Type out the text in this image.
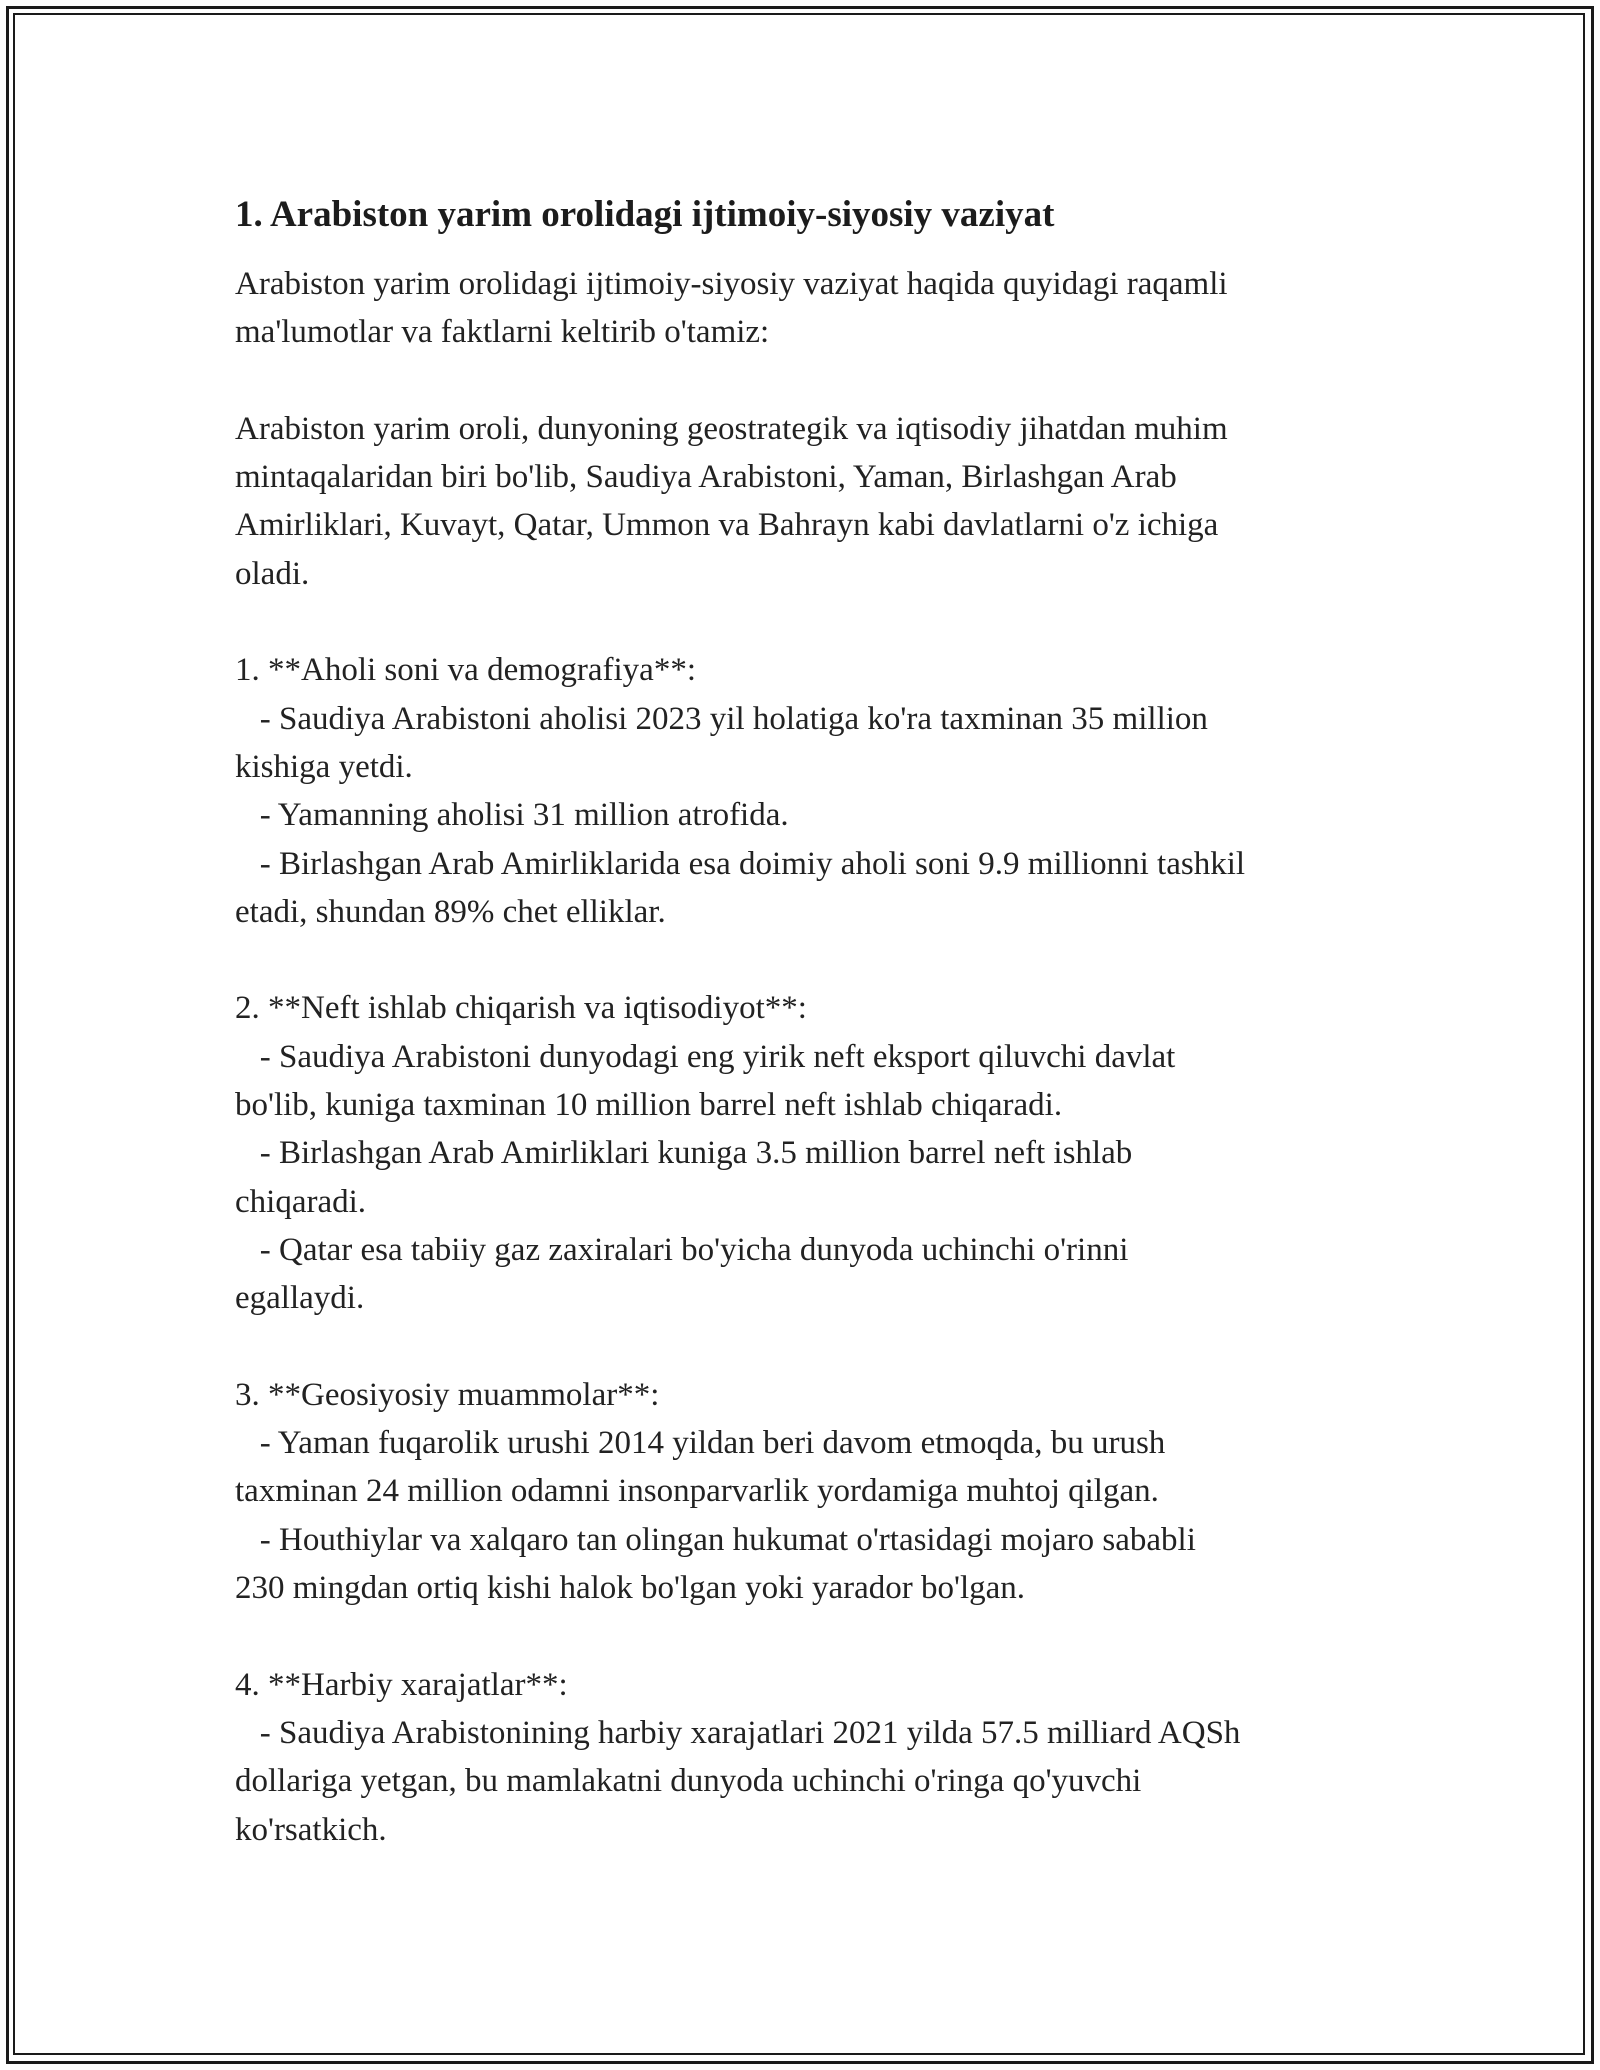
1. Arabiston yarim orolidagi ijtimoiy-siyosiy vaziyat

Arabiston yarim orolidagi ijtimoiy-siyosiy vaziyat haqida quyidagi raqamli
ma'lumotlar va faktlarni keltirib o'tamiz:

Arabiston yarim oroli, dunyoning geostrategik va iqtisodiy jihatdan muhim
mintaqalaridan biri bo'lib, Saudiya Arabistoni, Yaman, Birlashgan Arab
Amirliklari, Kuvayt, Qatar, Ummon va Bahrayn kabi davlatlarni o'z ichiga
oladi.

1. **Aholi soni va demografiya**:
- Saudiya Arabistoni aholisi 2023 yil holatiga ko'ra taxminan 35 million
kishiga yetdi.
- Yamanning aholisi 31 million atrofida.
- Birlashgan Arab Amirliklarida esa doimiy aholi soni 9.9 millionni tashkil
etadi, shundan 89% chet elliklar.

2. **Neft ishlab chiqarish va iqtisodiyot**:
- Saudiya Arabistoni dunyodagi eng yirik neft eksport qiluvchi davlat
bo'lib, kuniga taxminan 10 million barrel neft ishlab chiqaradi.
- Birlashgan Arab Amirliklari kuniga 3.5 million barrel neft ishlab
chiqaradi.
- Qatar esa tabiiy gaz zaxiralari bo'yicha dunyoda uchinchi o'rinni
egallaydi.

3. **Geosiyosiy muammolar**:
- Yaman fuqarolik urushi 2014 yildan beri davom etmoqda, bu urush
taxminan 24 million odamni insonparvarlik yordamiga muhtoj qilgan.
- Houthiylar va xalqaro tan olingan hukumat o'rtasidagi mojaro sababli
230 mingdan ortiq kishi halok bo'lgan yoki yarador bo'lgan.

4. **Harbiy xarajatlar**:
- Saudiya Arabistonining harbiy xarajatlari 2021 yilda 57.5 milliard AQSh
dollariga yetgan, bu mamlakatni dunyoda uchinchi o'ringa qo'yuvchi
ko'rsatkich.
